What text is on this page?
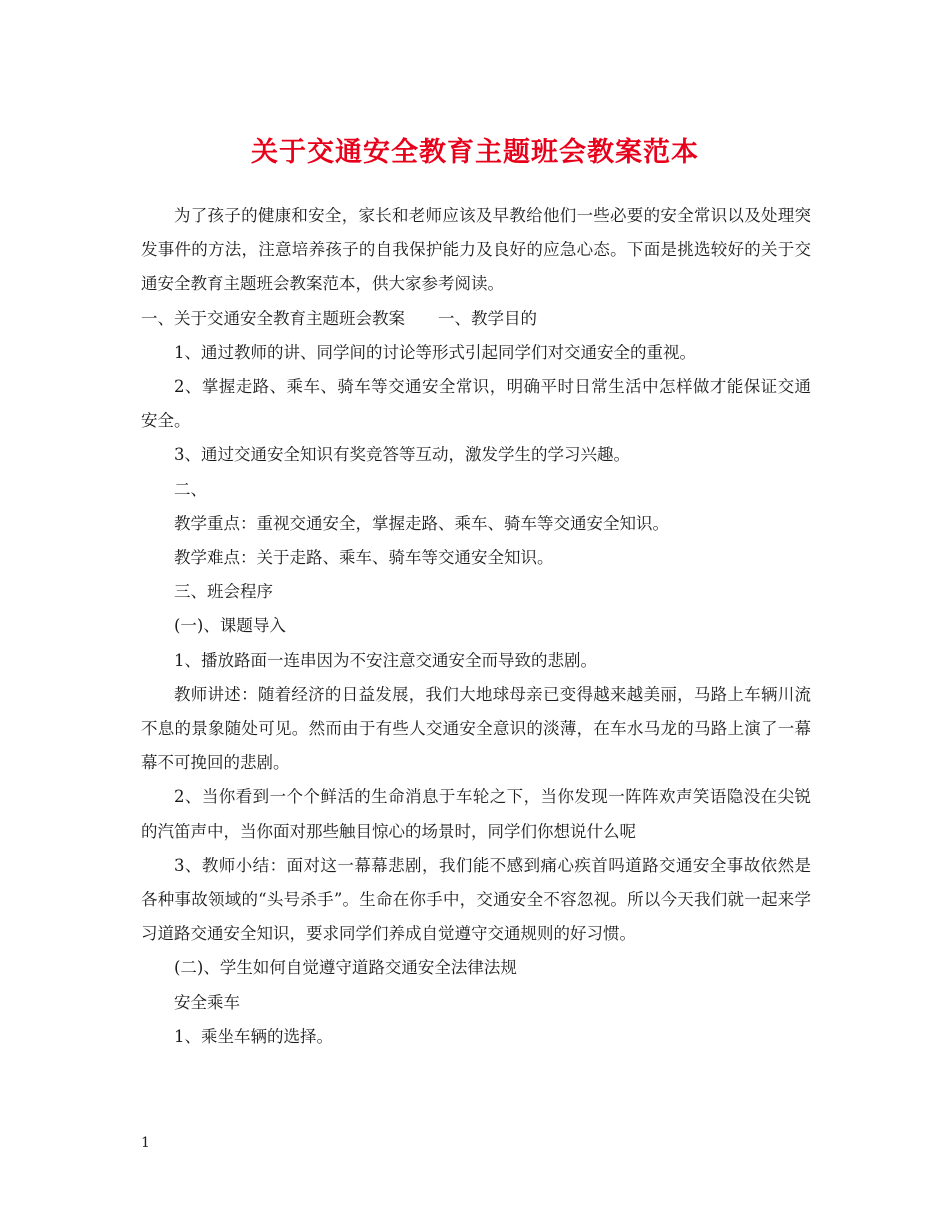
关于交通安全教育主题班会教案范本

为了孩子的健康和安全，家长和老师应该及早教给他们一些必要的安全常识以及处理突发事件的方法，注意培养孩子的自我保护能力及良好的应急心态。下面是挑选较好的关于交通安全教育主题班会教案范本，供大家参考阅读。

一、关于交通安全教育主题班会教案　　一、教学目的

1、通过教师的讲、同学间的讨论等形式引起同学们对交通安全的重视。

2、掌握走路、乘车、骑车等交通安全常识，明确平时日常生活中怎样做才能保证交通安全。

3、通过交通安全知识有奖竞答等互动，激发学生的学习兴趣。

二、

教学重点：重视交通安全，掌握走路、乘车、骑车等交通安全知识。

教学难点：关于走路、乘车、骑车等交通安全知识。

三、班会程序

(一)、课题导入

1、播放路面一连串因为不安注意交通安全而导致的悲剧。

教师讲述：随着经济的日益发展，我们大地球母亲已变得越来越美丽，马路上车辆川流不息的景象随处可见。然而由于有些人交通安全意识的淡薄，在车水马龙的马路上演了一幕幕不可挽回的悲剧。

2、当你看到一个个鲜活的生命消息于车轮之下，当你发现一阵阵欢声笑语隐没在尖锐的汽笛声中，当你面对那些触目惊心的场景时，同学们你想说什么呢

3、教师小结：面对这一幕幕悲剧，我们能不感到痛心疾首吗道路交通安全事故依然是各种事故领域的“头号杀手”。生命在你手中，交通安全不容忽视。所以今天我们就一起来学习道路交通安全知识，要求同学们养成自觉遵守交通规则的好习惯。

(二)、学生如何自觉遵守道路交通安全法律法规

安全乘车

1、乘坐车辆的选择。

1
